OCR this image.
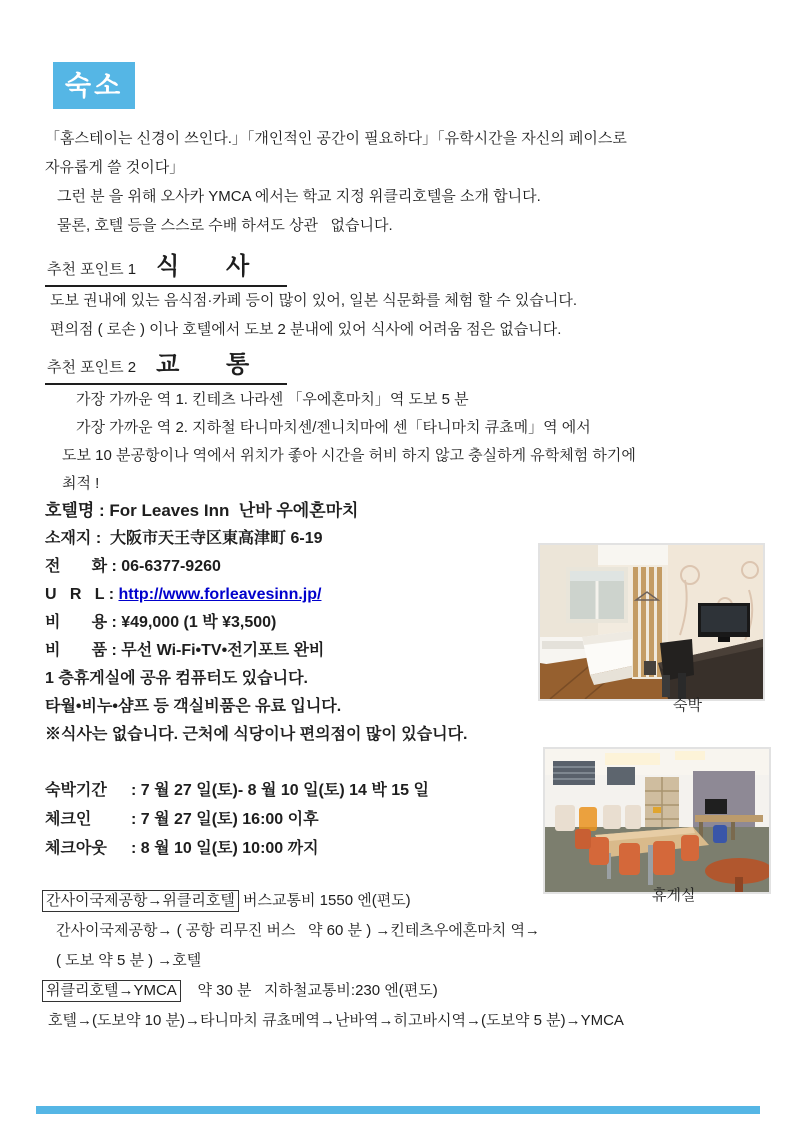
숙소
「홈스테이는 신경이 쓰인다.」「개인적인 공간이 필요하다」「유학시간을 자신의 페이스로
자유롭게 쓸 것이다」
그런 분 을 위해 오사카 YMCA 에서는 학교 지정 위클리호텔을 소개 합니다.
물론, 호텔 등을 스스로 수배 하셔도 상관   없습니다.
추천 포인트 1 식       사
도보 권내에 있는 음식점·카페 등이 많이 있어, 일본 식문화를 체험 할 수 있습니다.
편의점 ( 로손 ) 이나 호텔에서 도보 2 분내에 있어 식사에 어려움 점은 없습니다.
추천 포인트 2 교       통
가장 가까운 역 1. 킨테츠 나라센 「우에혼마치」역 도보 5 분
가장 가까운 역 2. 지하철 타니마치센/젠니치마에 센「타니마치 큐쵸메」역 에서
도보 10 분공항이나 역에서 위치가 좋아 시간을 허비 하지 않고 충실하게 유학체험 하기에
최적 !
호텔명 : For Leaves Inn  난바 우에혼마치
소재지 :  大阪市天王寺区東高津町 6-19
전       화 : 06-6377-9260
U   R   L : http://www.forleavesinn.jp/
비       용 : ¥49,000 (1 박 ¥3,500)
비       품 : 무선 Wi-Fi•TV•전기포트 완비
1 층휴게실에 공유 컴퓨터도 있습니다.
타월•비누•샴프 등 객실비품은 유료 입니다.
※식사는 없습니다. 근처에 식당이나 편의점이 많이 있습니다.
숙박기간	: 7 월 27 일(토)- 8 월 10 일(토) 14 박 15 일
체크인	: 7 월 27 일(토) 16:00 이후
체크아웃	: 8 월 10 일(토) 10:00 까지
간사이국제공항→위클리호텔 버스교통비 1550 엔(편도)
간사이국제공항→ ( 공항 리무진 버스   약 60 분 ) →킨테츠우에혼마치 역→
( 도보 약 5 분 ) →호텔
위클리호텔→YMCA    약 30 분   지하철교통비:230 엔(편도)
호텔→(도보약 10 분)→타니마치 큐쵸메역→난바역→히고바시역→(도보약 5 분)→YMCA
숙박
휴게실
